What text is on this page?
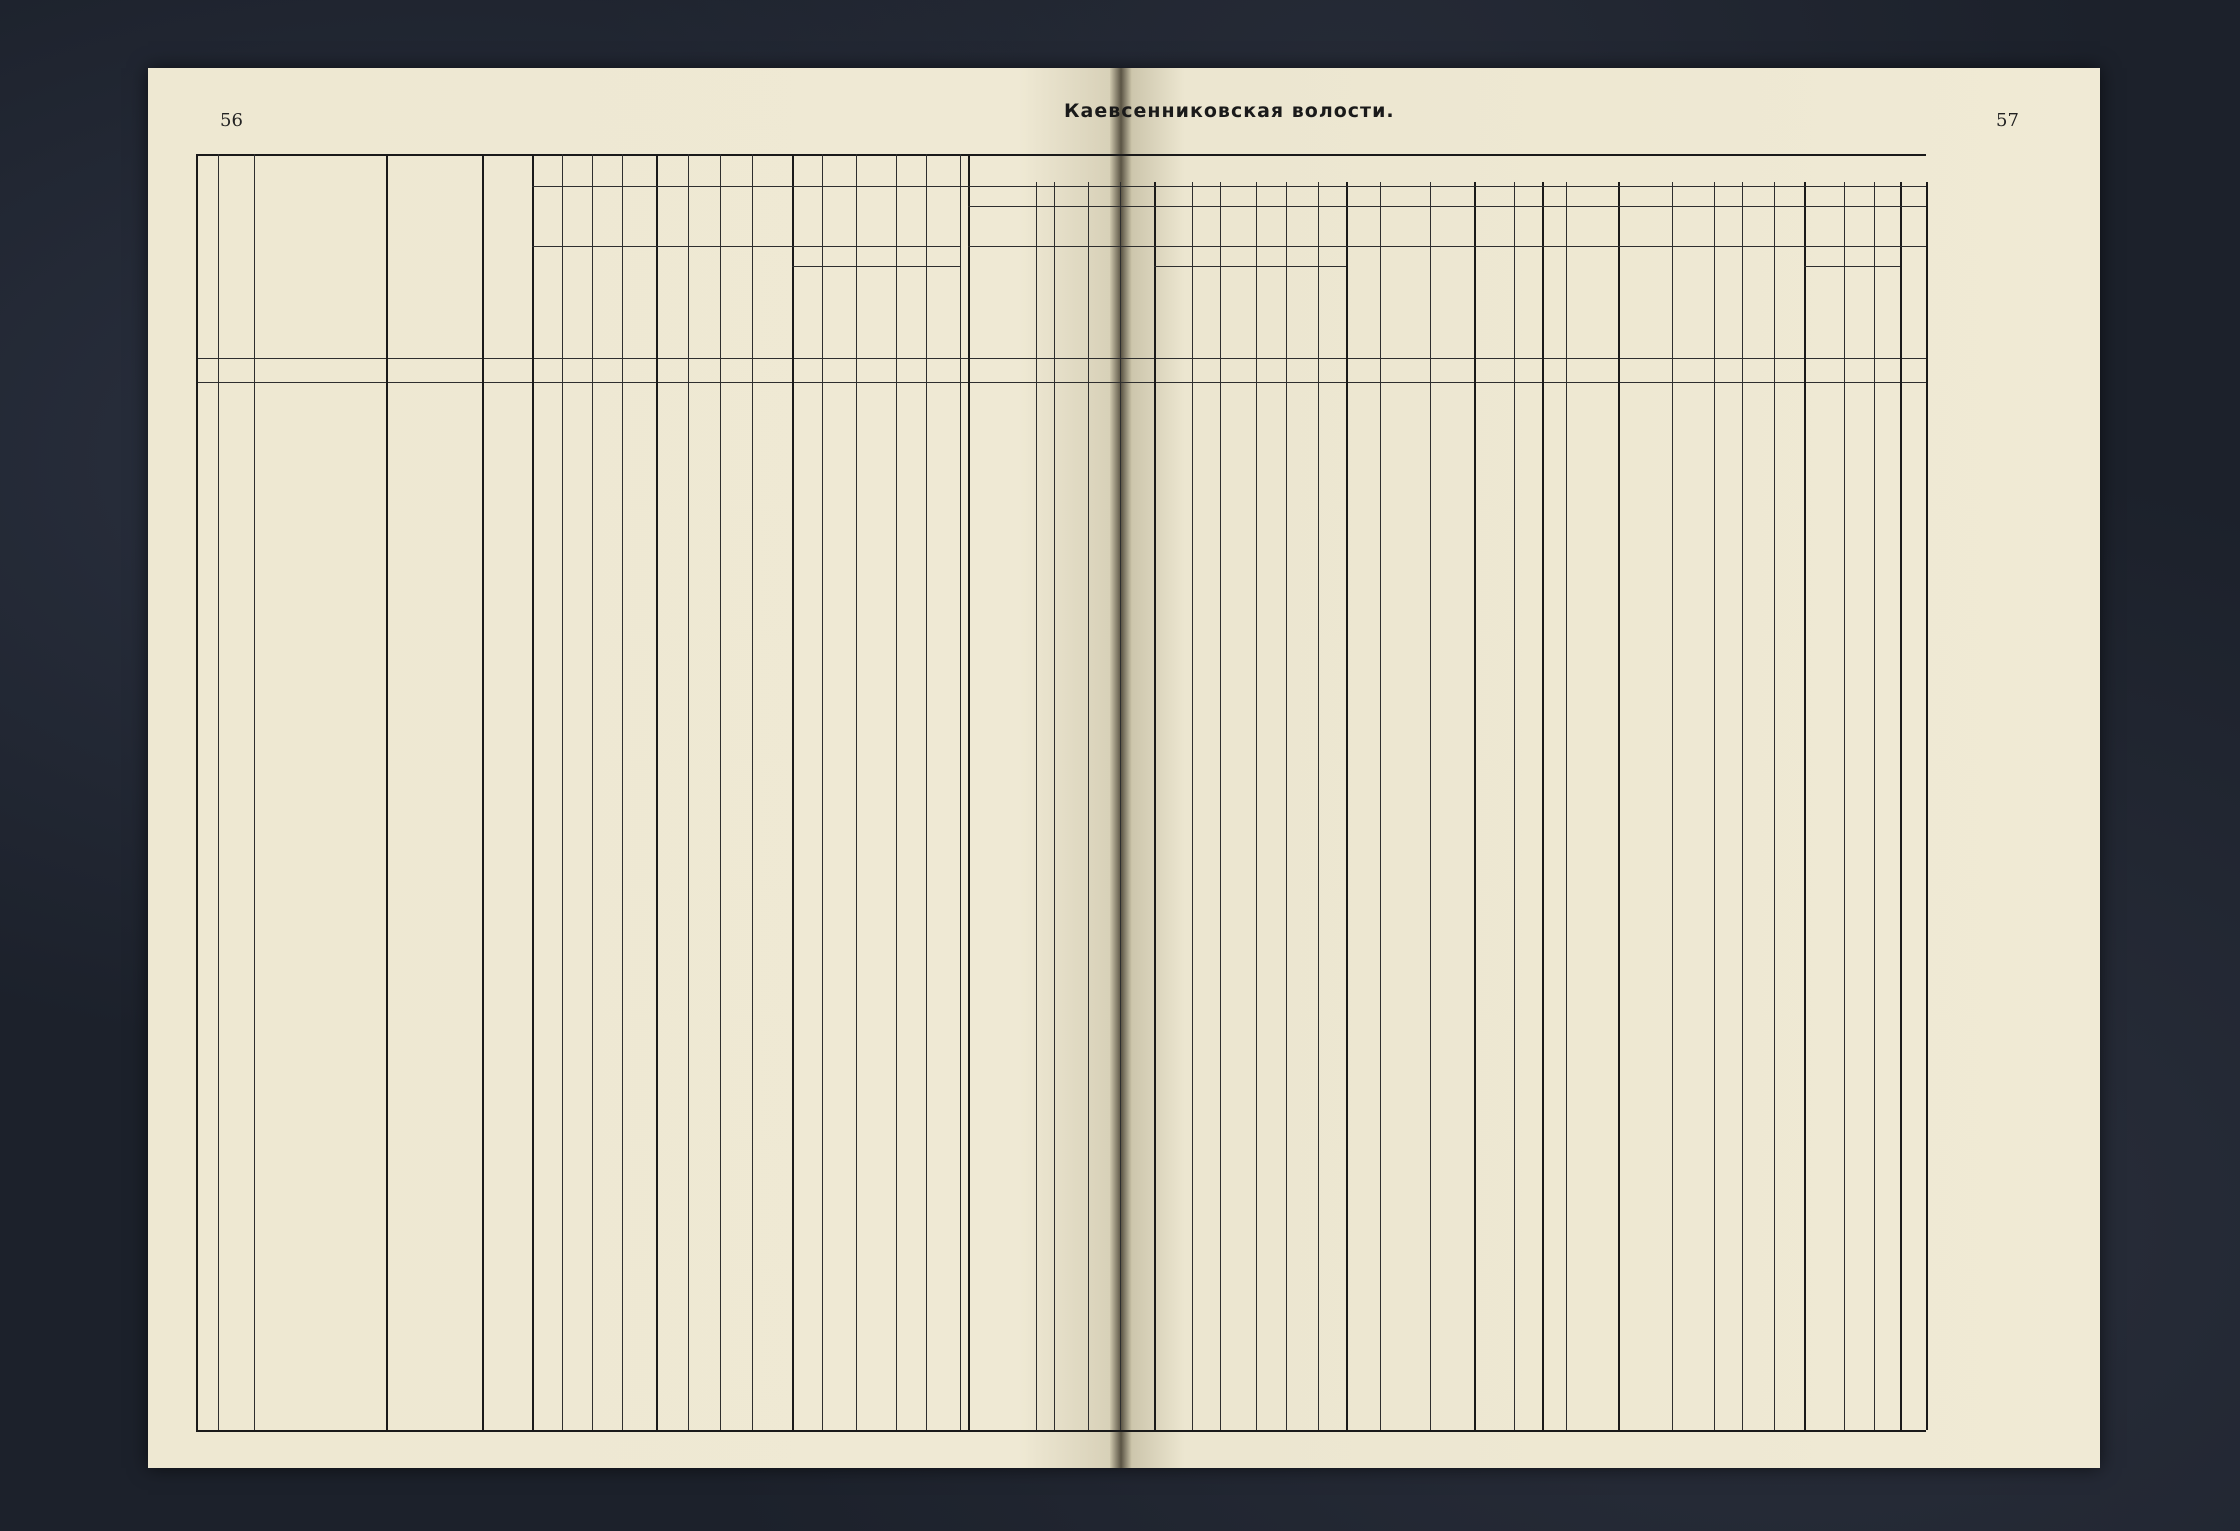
56	57
Каевсенниковская волости.
